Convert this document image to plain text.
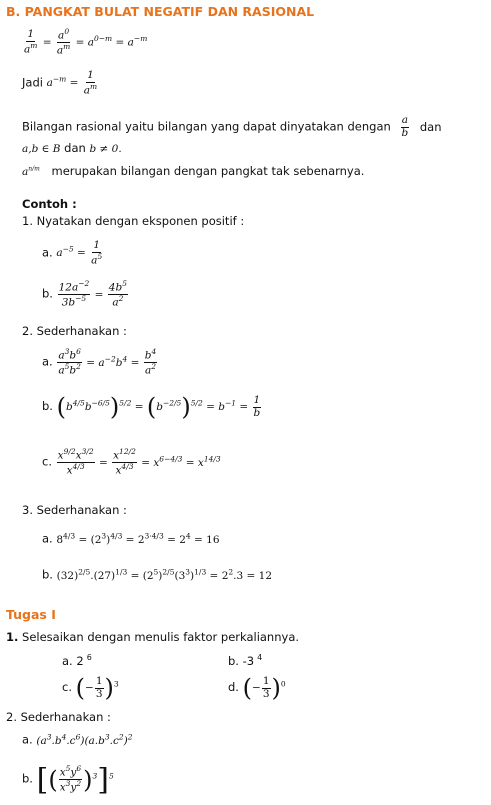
B. PANGKAT BULAT NEGATIF DAN RASIONAL
$\frac{1}{a^m} = \frac{a^0}{a^m} = a^{0-m} = a^{-m}$
Jadi $a^{-m} = \frac{1}{a^m}$
Bilangan rasional yaitu bilangan yang dapat dinyatakan dengan $\frac{a}{b}$ dan
a,b ∈ B dan b ≠ 0.
$a^{n/m}$ merupakan bilangan dengan pangkat tak sebenarnya.
Contoh :
1. Nyatakan dengan eksponen positif :
a. $a^{-5} = \frac{1}{a^5}$
b. $\frac{12a^{-2}}{3b^{-5}} = \frac{4b^5}{a^2}$
2. Sederhanakan :
a. $\frac{a^3b^6}{a^5b^2} = a^{-2}b^4 = \frac{b^4}{a^2}$
b. $(b^{4/5}b^{-6/5})^{5/2} = (b^{-2/5})^{5/2} = b^{-1} = \frac{1}{b}$
c. $\frac{x^{9/2}x^{3/2}}{x^{4/3}} = \frac{x^{12/2}}{x^{4/3}} = x^{6-4/3} = x^{14/3}$
3. Sederhanakan :
a. $8^{4/3} = (2^3)^{4/3} = 2^{3\cdot 4/3} = 2^4 = 16$
b. $(32)^{2/5}.(27)^{1/3} = (2^5)^{2/5}(3^3)^{1/3} = 2^2.3 = 12$
Tugas I
1. Selesaikan dengan menulis faktor perkaliannya.
a. 2 $^6$	b. -3 $^4$
c. (− $\frac{1}{3} )^3$	d. (− $\frac{1}{3} )^0$
2. Sederhanakan :
a. $(a^3.b^4.c^6)(a.b^3.c^2)^2$
b. [( $\frac{x^5y^6}{x^3y^2} )^3]^5$
